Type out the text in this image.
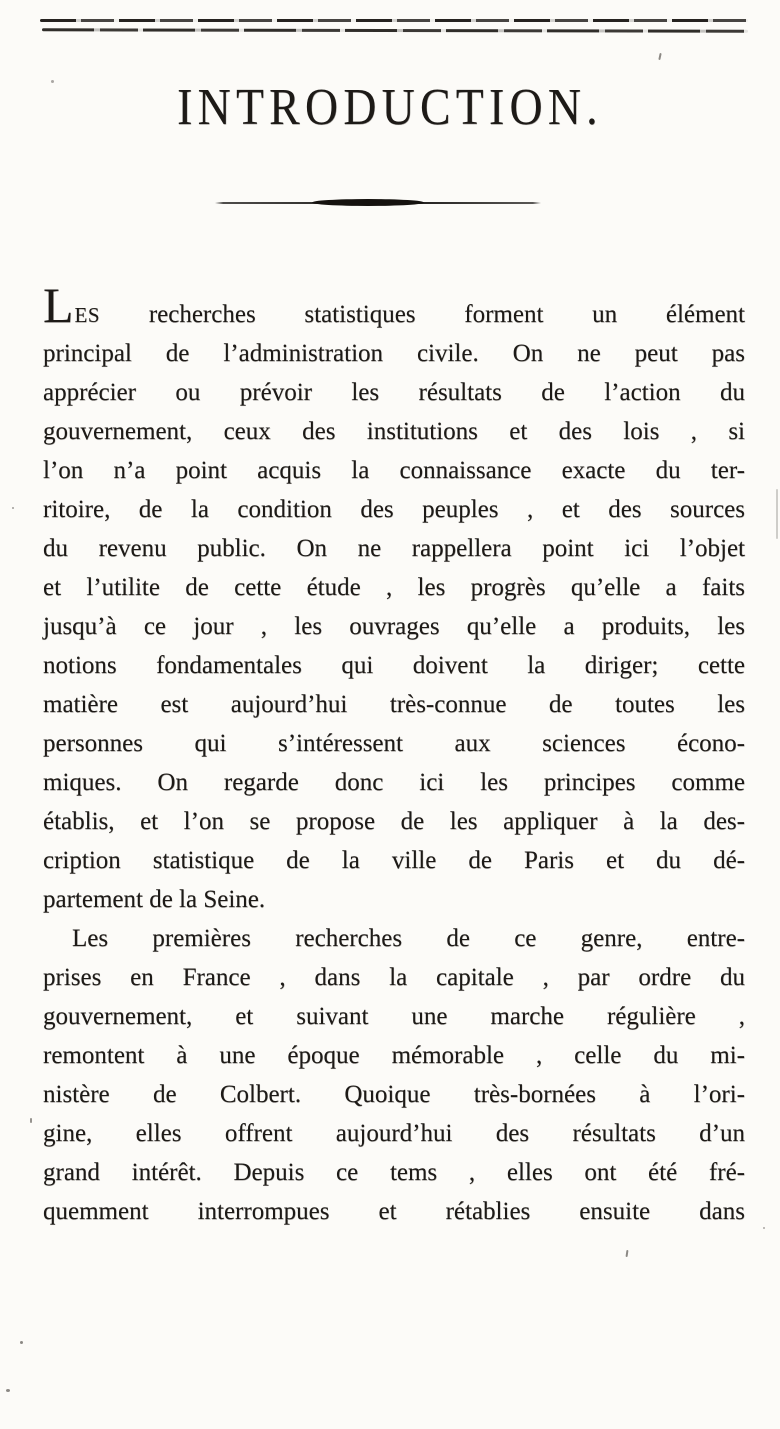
INTRODUCTION.
LES recherches statistiques forment un élément
principal de l’administration civile. On ne peut pas
apprécier ou prévoir les résultats de l’action du
gouvernement, ceux des institutions et des lois , si
l’on n’a point acquis la connaissance exacte du ter-
ritoire, de la condition des peuples , et des sources
du revenu public. On ne rappellera point ici l’objet
et l’utilite de cette étude , les progrès qu’elle a faits
jusqu’à ce jour , les ouvrages qu’elle a produits, les
notions fondamentales qui doivent la diriger; cette
matière est aujourd’hui très-connue de toutes les
personnes qui s’intéressent aux sciences écono-
miques. On regarde donc ici les principes comme
établis, et l’on se propose de les appliquer à la des-
cription statistique de la ville de Paris et du dé-
partement de la Seine.
Les premières recherches de ce genre, entre-
prises en France , dans la capitale , par ordre du
gouvernement, et suivant une marche régulière ,
remontent à une époque mémorable , celle du mi-
nistère de Colbert. Quoique très-bornées à l’ori-
gine, elles offrent aujourd’hui des résultats d’un
grand intérêt. Depuis ce tems , elles ont été fré-
quemment interrompues et rétablies ensuite dans
